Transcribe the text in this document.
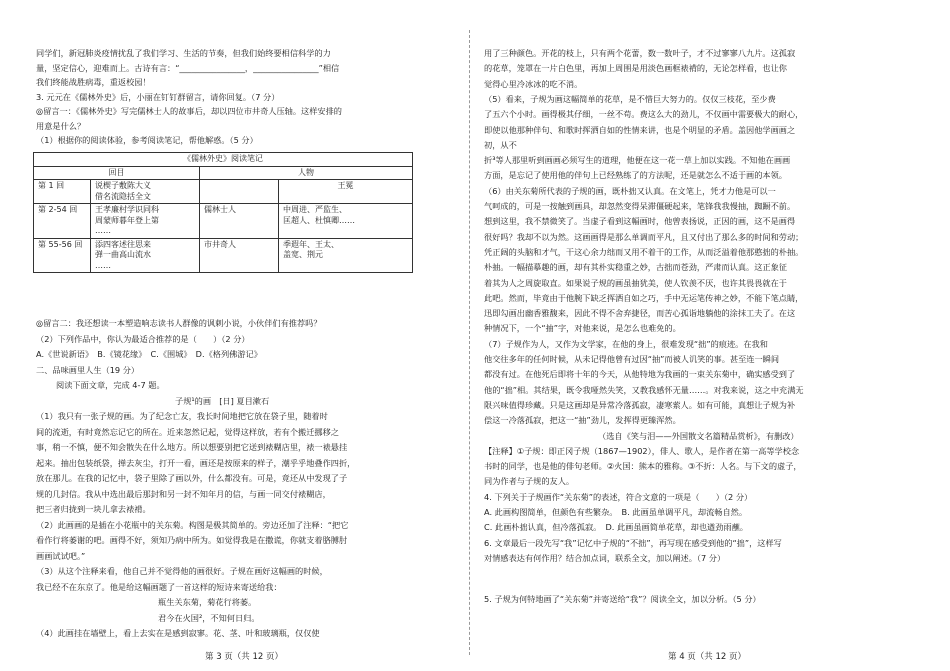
同学们，新冠肺炎疫情扰乱了我们学习、生活的节奏，但我们始终要相信科学的力
量，坚定信心，迎难而上。古诗有言：“________________，________________”相信
我们终能战胜病毒，重返校园！
3. 元元在《儒林外史》后，小丽在钉钉群留言，请你回复。（7 分）
◎留言一：《儒林外史》写完儒林士人的故事后，却以四位市井奇人压轴。这样安排的
用意是什么？
（1）根据你的阅读体验，参考阅读笔记，帮他解惑。（5 分）
《儒林外史》阅读笔记			
回目		人物	
第 1 回	说楔子敷陈大义
借名流隐括全文		王冕
第 2-54 回	王孝廉村学识同科
周蒙师暮年登上第
……	儒林士人	中周进、严监生、
匡超人、杜慎卿……
第 55-56 回	添四客述往思来
弹一曲高山流水
……	市井奇人	季遐年、王太、
盖宽、荆元
◎留言二：我还想读一本塑造响志读书人群像的讽刺小说，小伙伴们有推荐吗？
（2）下列作品中，你认为最适合推荐的是（　　）（2 分）
A.《世说新语》　B.《镜花缘》　C.《围城》　D.《格列佛游记》
二、品味画里人生（19 分）
阅读下面文章，完成 4-7 题。
子规¹的画　[日] 夏目漱石
（1）我只有一张子规的画。为了纪念亡友，我长时间地把它放在袋子里，随着时
间的流逝，有时竟然忘记它的所在。近来忽然记起，觉得这样放，若有个搬迁挪移之
事，稍一不慎，便不知会散失在什么地方。所以想要别把它送到裱糊店里，裱一裱悬挂
起来。抽出包装纸袋，掸去灰尘，打开一看，画还是按原来的样子，潮乎乎地叠作四折，
放在那儿。在我的记忆中，袋子里除了画以外，什么都没有。可是，竟还从中发现了子
规的几封信。我从中选出最后那封和另一封不知年月的信，与画一同交付裱糊店，
把三者归拢到一块儿拿去裱褙。
（2）此画画的是插在小花瓶中的关东菊。构图是极其简单的。旁边还加了注释：“把它
看作行将萎谢的吧。画得不好，须知乃病中所为。如觉得我是在撒谎，你就支着胳膊肘
画画试试吧。”
（3）从这个注释来看，他自己并不觉得他的画很好。子规在画好这幅画的时候，
我已经不在东京了。他是给这幅画题了一首这样的短诗来寄送给我：
瓶生关东菊，菊花行将萎。
君今在火国²，不知何日归。
（4）此画挂在墙壁上，看上去实在是感到寂寥。花、茎、叶和玻璃瓶，仅仅使
第 3 页（共 12 页）
用了三种颜色。开花的枝上，只有两个花蕾，数一数叶子，才不过寥寥八九片。这孤寂
的花草，笼罩在一片白色里，再加上周围是用淡色画框裱褙的，无论怎样看，也让你
觉得心里冷冰冰的吃不消。
（5）看来，子规为画这幅简单的花草，是不惜巨大努力的。仅仅三枝花，至少费
了五六个小时。画得极其仔细，一丝不苟。费这么大的劲儿，不仅画中需要极大的耐心，
即使以他那种伴句、和歌时挥洒自如的性情来讲，也是个明显的矛盾。盖因他学画画之
初，从不
折³等人那里听到画画必须写生的道理，他便在这一花一草上加以实践。不知他在画画
方面，是忘记了使用他的伴句上已经熟练了的方法呢，还是就怎么不适于画的本领。
（6）由关东菊所代表的子规的画，既朴拙又认真。在文笔上，凭才力他是可以一
气呵成的，可是一按触到画具，却忽然变得呆滞僵硬起来，笔锋我我慢抽，踟蹰不前。
想到这里，我不禁微笑了。当虚子看到这幅画时，他曾表扬说，正因的画，这不是画得
很好吗？我却不以为然。这画画得是那么单调而平凡，且又付出了那么多的时间和劳动；
凭正阔的头脑和才气，干这心余力绌而又用不着干的工作，从而泛溢着他那憨拙的朴抽。
朴抽。一幅描摹趣的画，却有其朴实稳重之妙，古拙而苍劲，严肃而认真。这正象征
着其为人之周旋取直。如果说子规的画虽抽犹美，使人钦羡不厌，也许其畏畏就在于
此吧。然而，毕竟由于他腕下缺乏挥洒自如之巧，手中无运笔传神之妙，不能下笔点睛，
迅即勾画出幽香雅馥来，因此不得不舍弃捷径，而苦心孤诣地躺他的涂抹工夫了。在这
种情况下，一个“抽”字，对他来说，是怎么也难免的。
（7）子规作为人，又作为文学家，在他的身上，很难发现“拙”的痕迹。在我和
他交往多年的任何时候，从未记得他曾有过因“抽”而被人讥笑的事。甚至连一瞬间
都没有过。在他死后即将十年的今天，从他特地为我画的一束关东菊中，确实感受到了
他的“拙”相。其结果，既令我哑然失笑，又教我感怀无量……。对我来说，这之中充满无
限兴味值得珍藏。只是这画却是异常冷落孤寂，凄寒萦人。如有可能，真想让子规为补
偿这一冷落孤寂，把这一“抽”劲儿，发挥得更臻浑然。
（选自《笑与泪——外国散文名篇精品赏析》，有删改）
【注释】①子规：即正冈子规（1867—1902），俳人、歌人，是作者在第一高等学校念
书时的同学，也是他的俳句老师。②火国：熊本的雅称。③不折：人名。与下文的虚子，
同为作者与子规的友人。
4. 下列关于子规画作“关东菊”的表述，符合文意的一项是（　　）（2 分）
A. 此画构图简单，但颜色有些繁杂。　B. 此画虽单调平凡，却流畅自然。
C. 此画朴拙认真，但冷落孤寂。　D. 此画虽画简单花草，却也遒劲雨蘸。
6. 文章最后一段先写“我”记忆中子规的“不拙”，再写现在感受到他的“拙”，这样写
对情感表达有何作用？结合加点词，联系全文，加以阐述。（7 分）
5. 子规为何特地画了“关东菊”并寄送给“我”？阅读全文，加以分析。（5 分）
第 4 页（共 12 页）
